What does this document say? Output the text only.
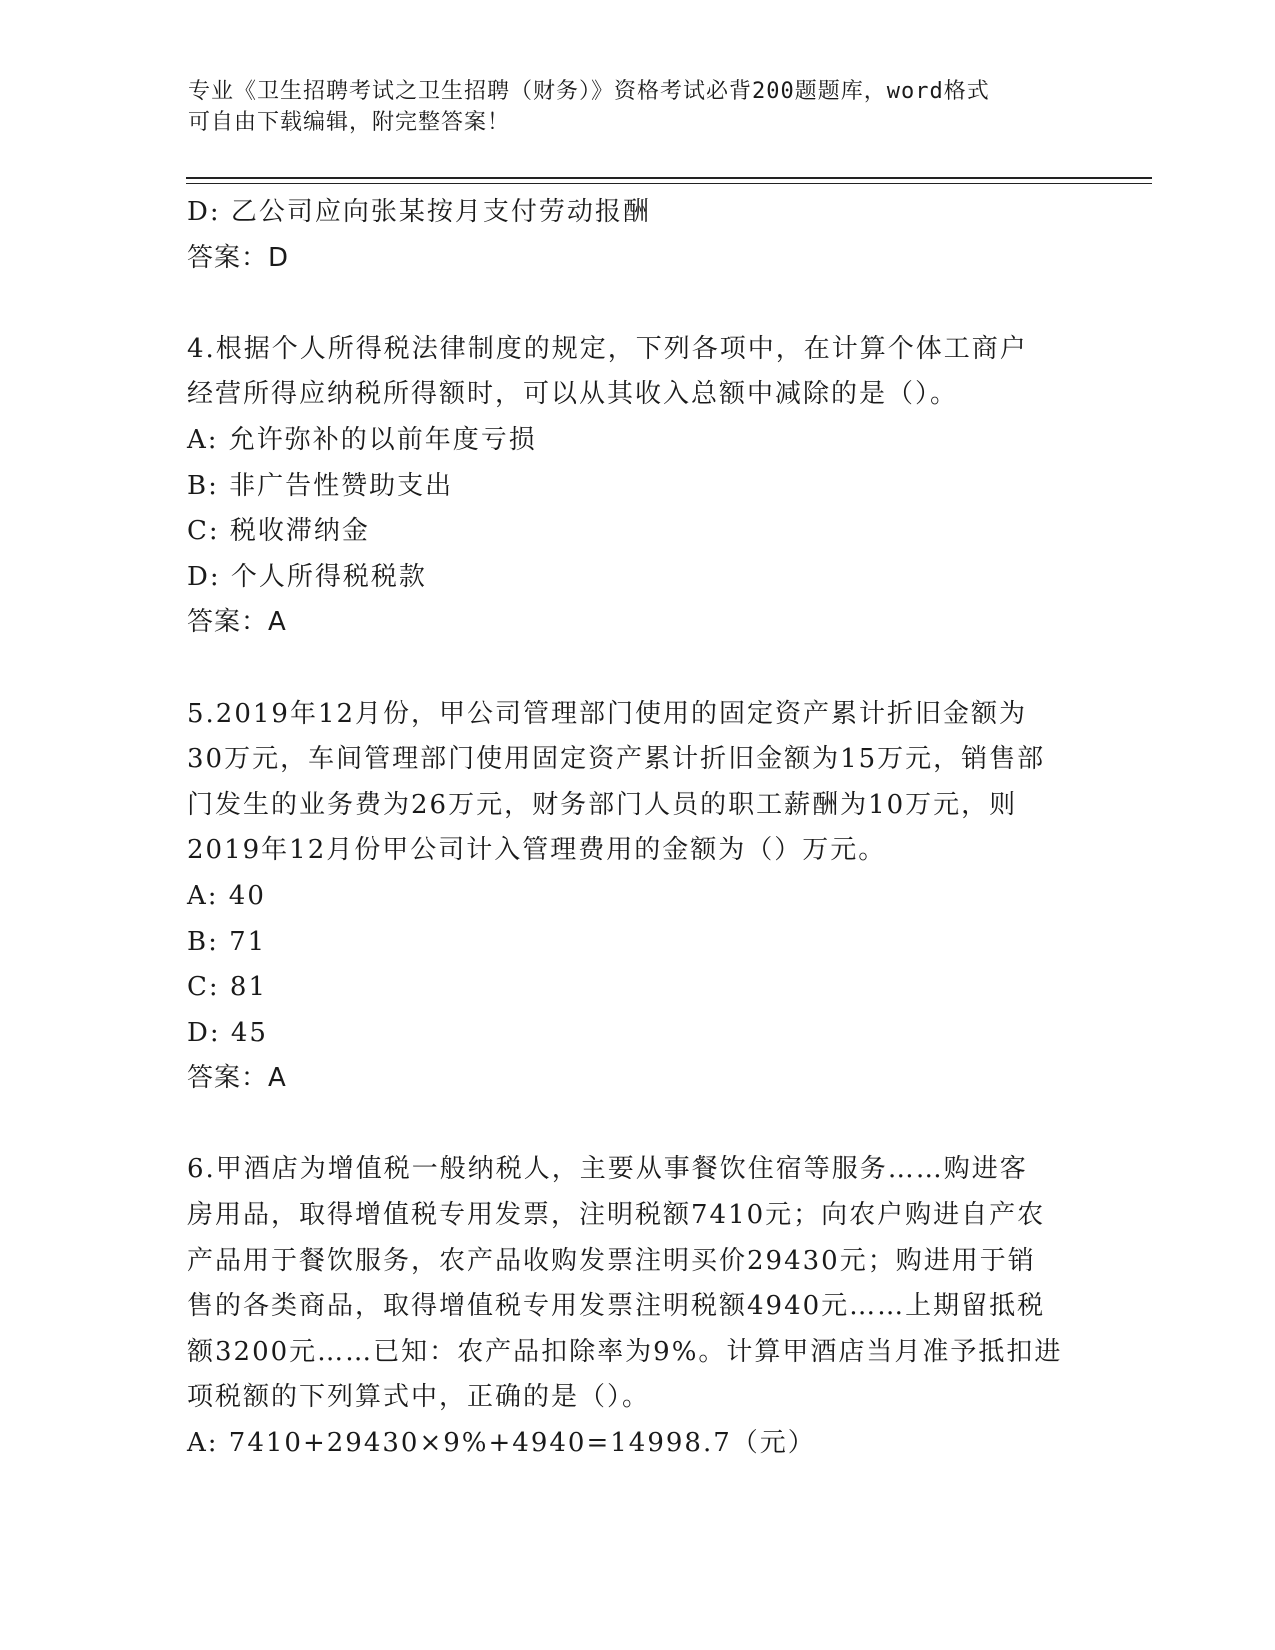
专业《卫生招聘考试之卫生招聘（财务）》资格考试必背200题题库，word格式
可自由下载编辑，附完整答案！
D: 乙公司应向张某按月支付劳动报酬
答案：D
4.根据个人所得税法律制度的规定，下列各项中，在计算个体工商户
经营所得应纳税所得额时，可以从其收入总额中减除的是（）。
A: 允许弥补的以前年度亏损
B: 非广告性赞助支出
C: 税收滞纳金
D: 个人所得税税款
答案：A
5.2019年12月份，甲公司管理部门使用的固定资产累计折旧金额为
30万元，车间管理部门使用固定资产累计折旧金额为15万元，销售部
门发生的业务费为26万元，财务部门人员的职工薪酬为10万元，则
2019年12月份甲公司计入管理费用的金额为（）万元。
A: 40
B: 71
C: 81
D: 45
答案：A
6.甲酒店为增值税一般纳税人，主要从事餐饮住宿等服务……购进客
房用品，取得增值税专用发票，注明税额7410元；向农户购进自产农
产品用于餐饮服务，农产品收购发票注明买价29430元；购进用于销
售的各类商品，取得增值税专用发票注明税额4940元……上期留抵税
额3200元……已知：农产品扣除率为9%。计算甲酒店当月准予抵扣进
项税额的下列算式中，正确的是（）。
A: 7410+29430×9%+4940=14998.7（元）
